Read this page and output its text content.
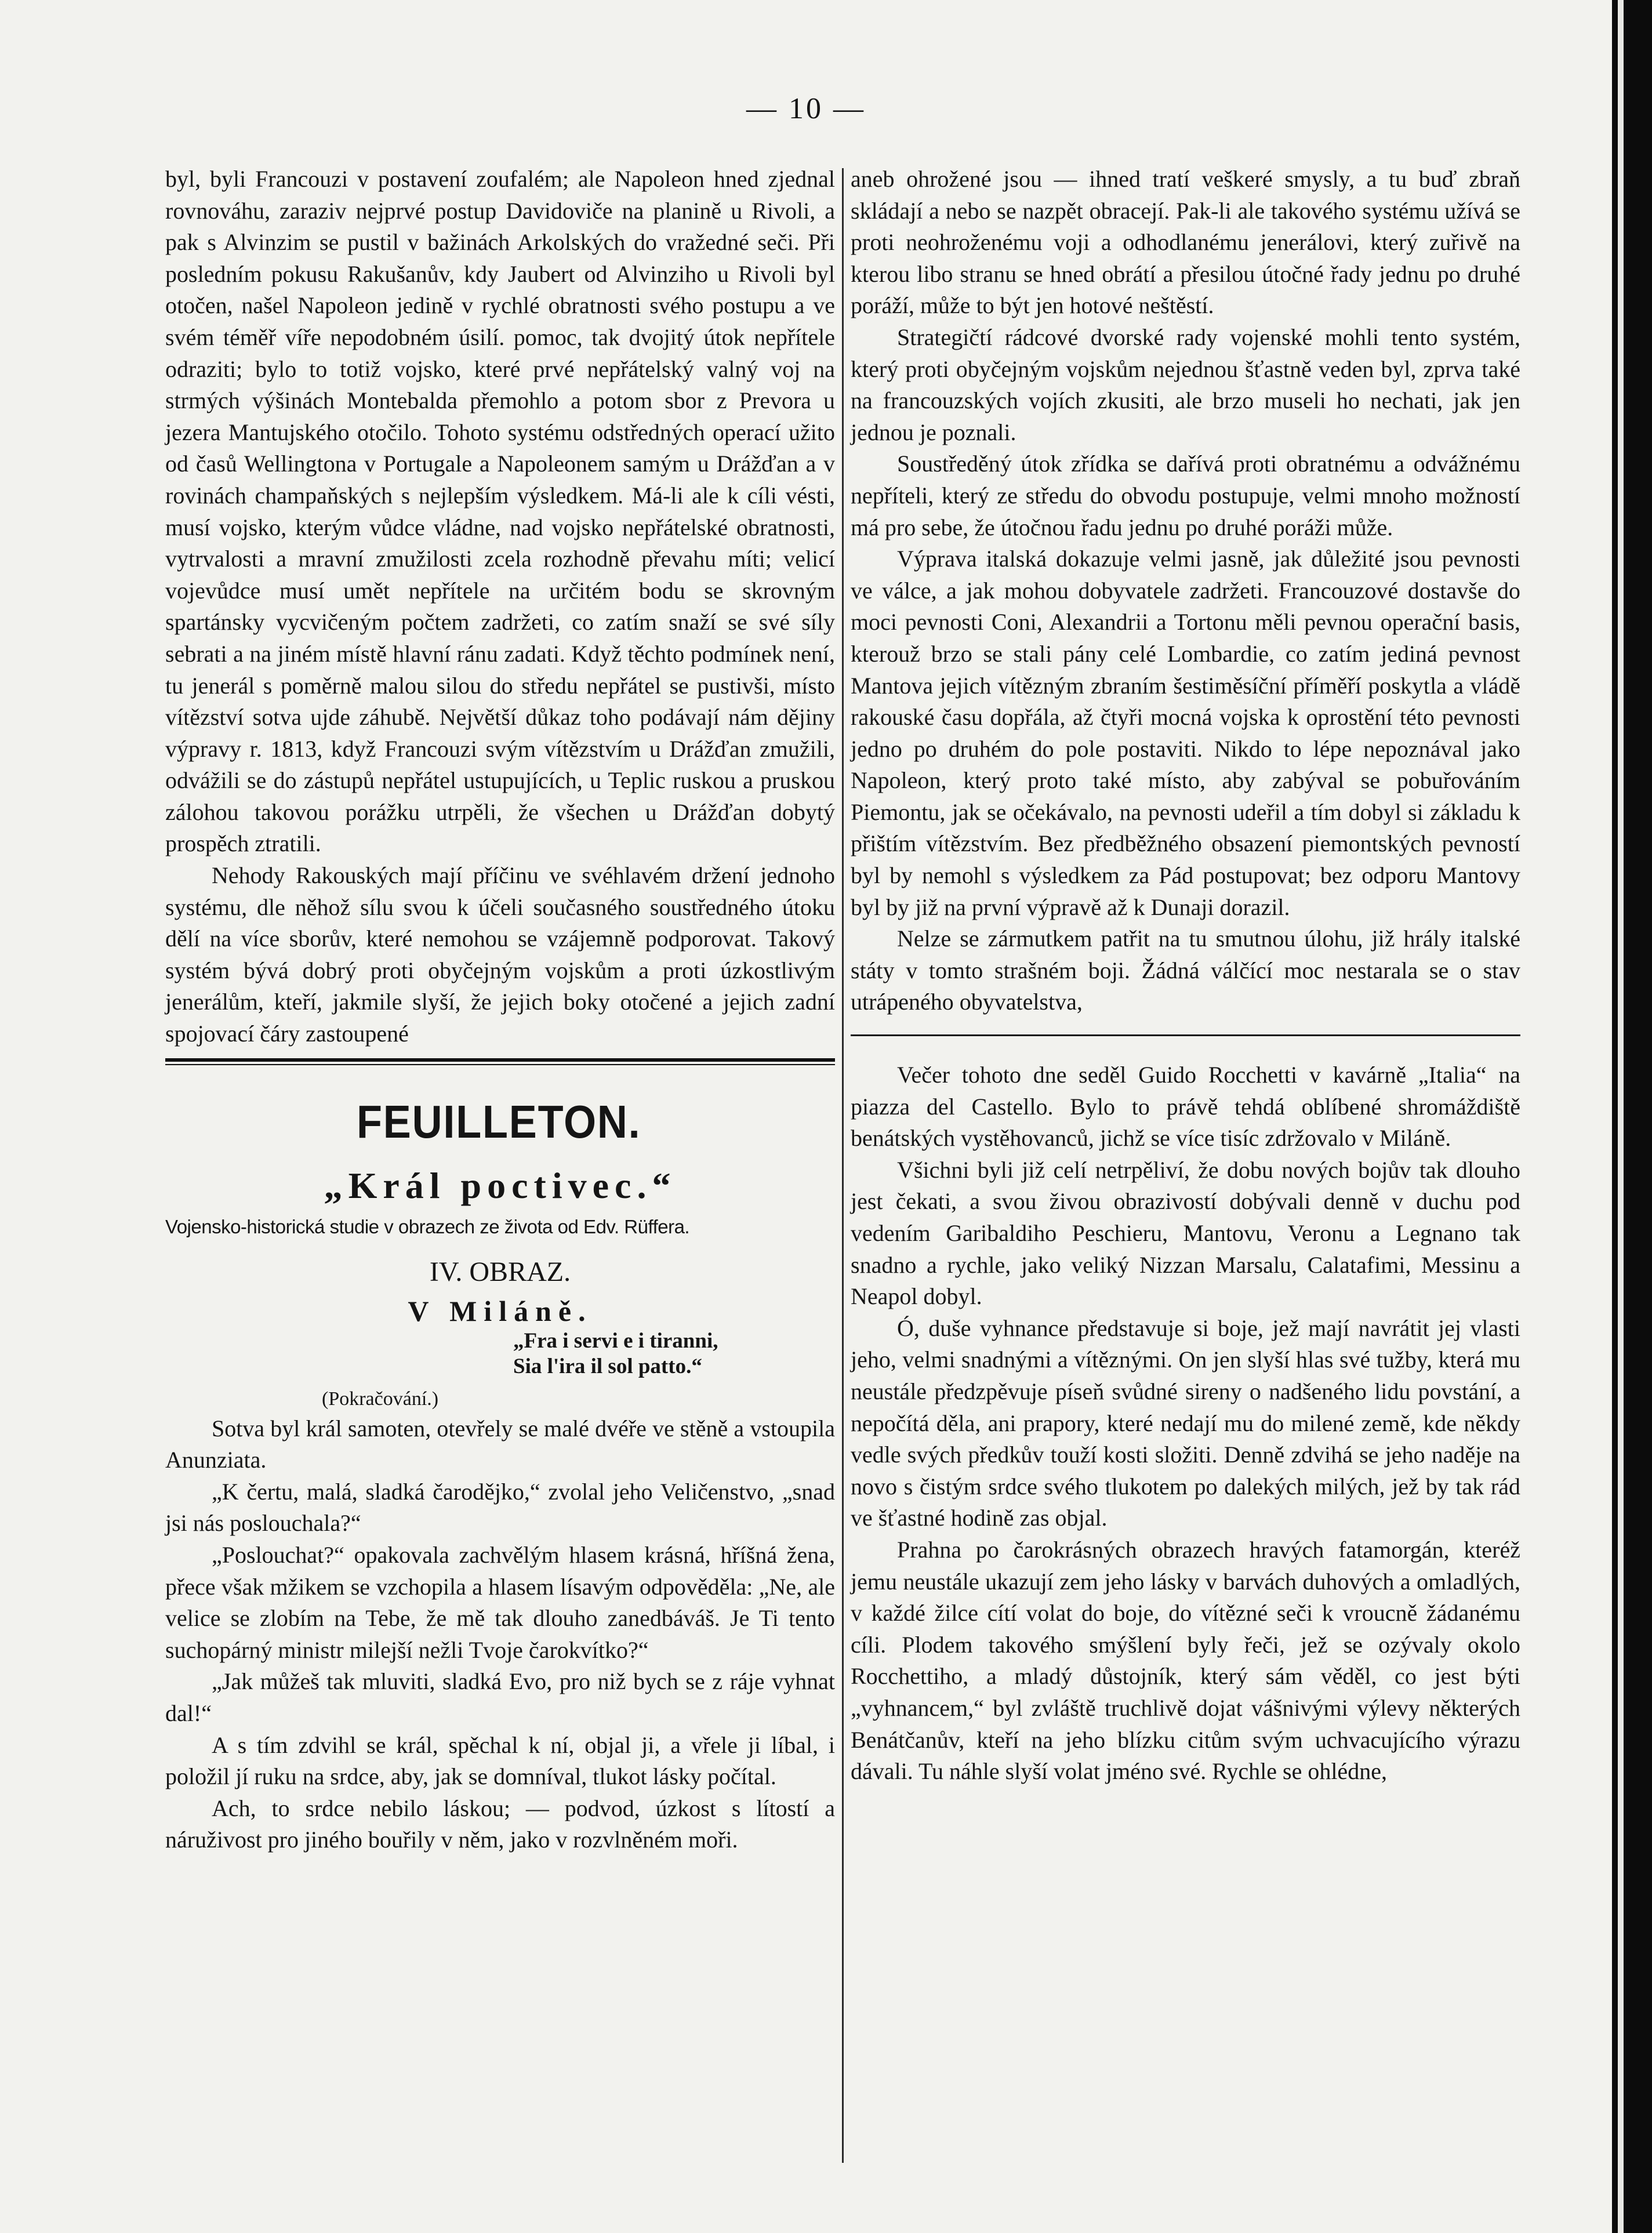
— 10 —

byl, byli Francouzi v postavení zoufalém; ale Napoleon hned zjednal rovnováhu, zaraziv nejprvé postup Davidoviče na planině u Rivoli, a pak s Alvinzim se pustil v bažinách Arkolských do vražedné seči. Při posledním pokusu Rakušanův, kdy Jaubert od Alvinziho u Rivoli byl otočen, našel Napoleon jedině v rychlé obratnosti svého postupu a ve svém téměř víře nepodobném úsilí. pomoc, tak dvojitý útok nepřítele odraziti; bylo to totiž vojsko, které prvé nepřátelský valný voj na strmých výšinách Montebalda přemohlo a potom sbor z Prevora u jezera Mantujského otočilo. Tohoto systému odstředných operací užito od časů Wellingtona v Portugale a Napoleonem samým u Drážďan a v rovinách champaňských s nejlepším výsledkem. Má-li ale k cíli vésti, musí vojsko, kterým vůdce vládne, nad vojsko nepřátelské obratnosti, vytrvalosti a mravní zmužilosti zcela rozhodně převahu míti; velicí vojevůdce musí umět nepřítele na určitém bodu se skrovným spartánsky vycvičeným počtem zadržeti, co zatím snaží se své síly sebrati a na jiném místě hlavní ránu zadati. Když těchto podmínek není, tu jenerál s poměrně malou silou do středu nepřátel se pustivši, místo vítězství sotva ujde záhubě. Největší důkaz toho podávají nám dějiny výpravy r. 1813, když Francouzi svým vítězstvím u Drážďan zmužili, odvážili se do zástupů nepřátel ustupujících, u Teplic ruskou a pruskou zálohou takovou porážku utrpěli, že všechen u Drážďan dobytý prospěch ztratili.

Nehody Rakouských mají příčinu ve svéhlavém držení jednoho systému, dle něhož sílu svou k účeli současného soustředného útoku dělí na více sborův, které nemohou se vzájemně podporovat. Takový systém bývá dobrý proti obyčejným vojskům a proti úzkostlivým jenerálům, kteří, jakmile slyší, že jejich boky otočené a jejich zadní spojovací čáry zastoupené

FEUILLETON.
„Král poctivec.“
Vojensko-historická studie v obrazech ze života od Edv. Rüffera.
IV. OBRAZ.
V Miláně.
„Fra i servi e i tiranni,
Sia l'ira il sol patto.“
(Pokračování.)

Sotva byl král samoten, otevřely se malé dvéře ve stěně a vstoupila Anunziata.

„K čertu, malá, sladká čarodějko,“ zvolal jeho Veličenstvo, „snad jsi nás poslouchala?“

„Poslouchat?“ opakovala zachvělým hlasem krásná, hříšná žena, přece však mžikem se vzchopila a hlasem lísavým odpověděla: „Ne, ale velice se zlobím na Tebe, že mě tak dlouho zanedbáváš. Je Ti tento suchopárný ministr milejší nežli Tvoje čarokvítko?“

„Jak můžeš tak mluviti, sladká Evo, pro niž bych se z ráje vyhnat dal!“

A s tím zdvihl se král, spěchal k ní, objal ji, a vřele ji líbal, i položil jí ruku na srdce, aby, jak se domníval, tlukot lásky počítal.

Ach, to srdce nebilo láskou; — podvod, úzkost s lítostí a náruživost pro jiného bouřily v něm, jako v rozvlněném moři.

aneb ohrožené jsou — ihned tratí veškeré smysly, a tu buď zbraň skládají a nebo se nazpět obracejí. Pak-li ale takového systému užívá se proti neohroženému voji a odhodlanému jenerálovi, který zuřivě na kterou libo stranu se hned obrátí a přesilou útočné řady jednu po druhé poráží, může to být jen hotové neštěstí.

Strategičtí rádcové dvorské rady vojenské mohli tento systém, který proti obyčejným vojskům nejednou šťastně veden byl, zprva také na francouzských vojích zkusiti, ale brzo museli ho nechati, jak jen jednou je poznali.

Soustředěný útok zřídka se dařívá proti obratnému a odvážnému nepříteli, který ze středu do obvodu postupuje, velmi mnoho možností má pro sebe, že útočnou řadu jednu po druhé poráži může.

Výprava italská dokazuje velmi jasně, jak důležité jsou pevnosti ve válce, a jak mohou dobyvatele zadržeti. Francouzové dostavše do moci pevnosti Coni, Alexandrii a Tortonu měli pevnou operační basis, kterouž brzo se stali pány celé Lombardie, co zatím jediná pevnost Mantova jejich vítězným zbraním šestiměsíční příměří poskytla a vládě rakouské času dopřála, až čtyři mocná vojska k oprostění této pevnosti jedno po druhém do pole postaviti. Nikdo to lépe nepoznával jako Napoleon, který proto také místo, aby zabýval se pobuřováním Piemontu, jak se očekávalo, na pevnosti udeřil a tím dobyl si základu k přištím vítězstvím. Bez předběžného obsazení piemontských pevností byl by nemohl s výsledkem za Pád postupovat; bez odporu Mantovy byl by již na první výpravě až k Dunaji dorazil.

Nelze se zármutkem patřit na tu smutnou úlohu, již hrály italské státy v tomto strašném boji. Žádná válčící moc nestarala se o stav utrápeného obyvatelstva,

Večer tohoto dne seděl Guido Rocchetti v kavárně „Italia“ na piazza del Castello. Bylo to právě tehdá oblíbené shromáždiště benátských vystěhovanců, jichž se více tisíc zdržovalo v Miláně.

Všichni byli již celí netrpěliví, že dobu nových bojův tak dlouho jest čekati, a svou živou obrazivostí dobývali denně v duchu pod vedením Garibaldiho Peschieru, Mantovu, Veronu a Legnano tak snadno a rychle, jako veliký Nizzan Marsalu, Calatafimi, Messinu a Neapol dobyl.

Ó, duše vyhnance představuje si boje, jež mají navrátit jej vlasti jeho, velmi snadnými a vítěznými. On jen slyší hlas své tužby, která mu neustále předzpěvuje píseň svůdné sireny o nadšeného lidu povstání, a nepočítá děla, ani prapory, které nedají mu do milené země, kde někdy vedle svých předkův touží kosti složiti. Denně zdvihá se jeho naděje na novo s čistým srdce svého tlukotem po dalekých milých, jež by tak rád ve šťastné hodině zas objal.

Prahna po čarokrásných obrazech hravých fatamorgán, kteréž jemu neustále ukazují zem jeho lásky v barvách duhových a omladlých, v každé žilce cítí volat do boje, do vítězné seči k vroucně žádanému cíli. Plodem takového smýšlení byly řeči, jež se ozývaly okolo Rocchettiho, a mladý důstojník, který sám věděl, co jest býti „vyhnancem,“ byl zvláště truchlivě dojat vášnivými výlevy některých Benátčanův, kteří na jeho blízku citům svým uchvacujícího výrazu dávali. Tu náhle slyší volat jméno své. Rychle se ohlédne,
